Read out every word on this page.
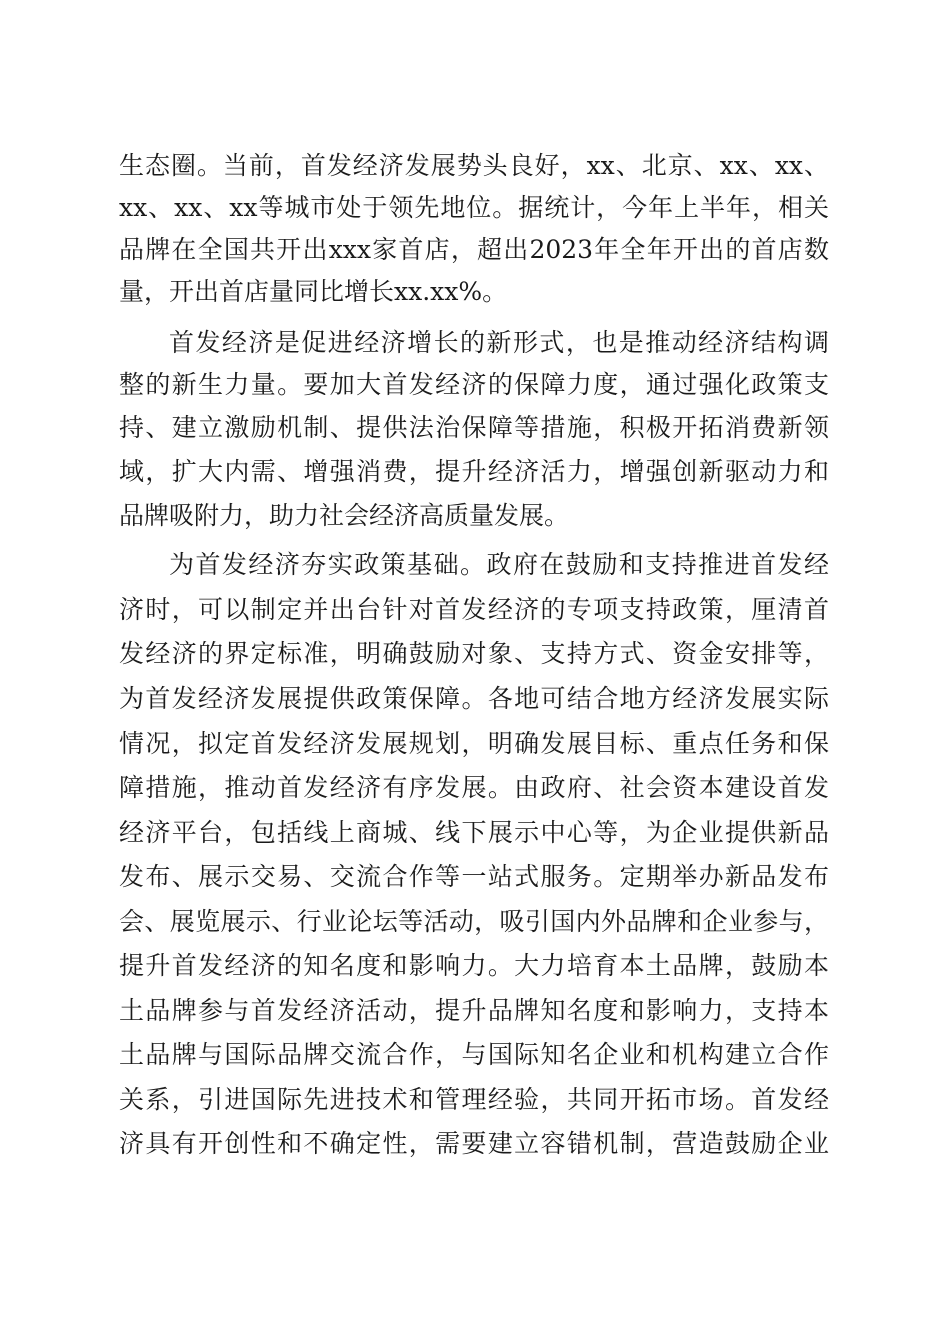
生态圈。当前，首发经济发展势头良好，xx、北京、xx、xx、
xx、xx、xx等城市处于领先地位。据统计，今年上半年，相关
品牌在全国共开出xxx家首店，超出2023年全年开出的首店数
量，开出首店量同比增长xx.xx%。
首发经济是促进经济增长的新形式，也是推动经济结构调
整的新生力量。要加大首发经济的保障力度，通过强化政策支
持、建立激励机制、提供法治保障等措施，积极开拓消费新领
域，扩大内需、增强消费，提升经济活力，增强创新驱动力和
品牌吸附力，助力社会经济高质量发展。
为首发经济夯实政策基础。政府在鼓励和支持推进首发经
济时，可以制定并出台针对首发经济的专项支持政策，厘清首
发经济的界定标准，明确鼓励对象、支持方式、资金安排等，
为首发经济发展提供政策保障。各地可结合地方经济发展实际
情况，拟定首发经济发展规划，明确发展目标、重点任务和保
障措施，推动首发经济有序发展。由政府、社会资本建设首发
经济平台，包括线上商城、线下展示中心等，为企业提供新品
发布、展示交易、交流合作等一站式服务。定期举办新品发布
会、展览展示、行业论坛等活动，吸引国内外品牌和企业参与，
提升首发经济的知名度和影响力。大力培育本土品牌，鼓励本
土品牌参与首发经济活动，提升品牌知名度和影响力，支持本
土品牌与国际品牌交流合作，与国际知名企业和机构建立合作
关系，引进国际先进技术和管理经验，共同开拓市场。首发经
济具有开创性和不确定性，需要建立容错机制，营造鼓励企业
